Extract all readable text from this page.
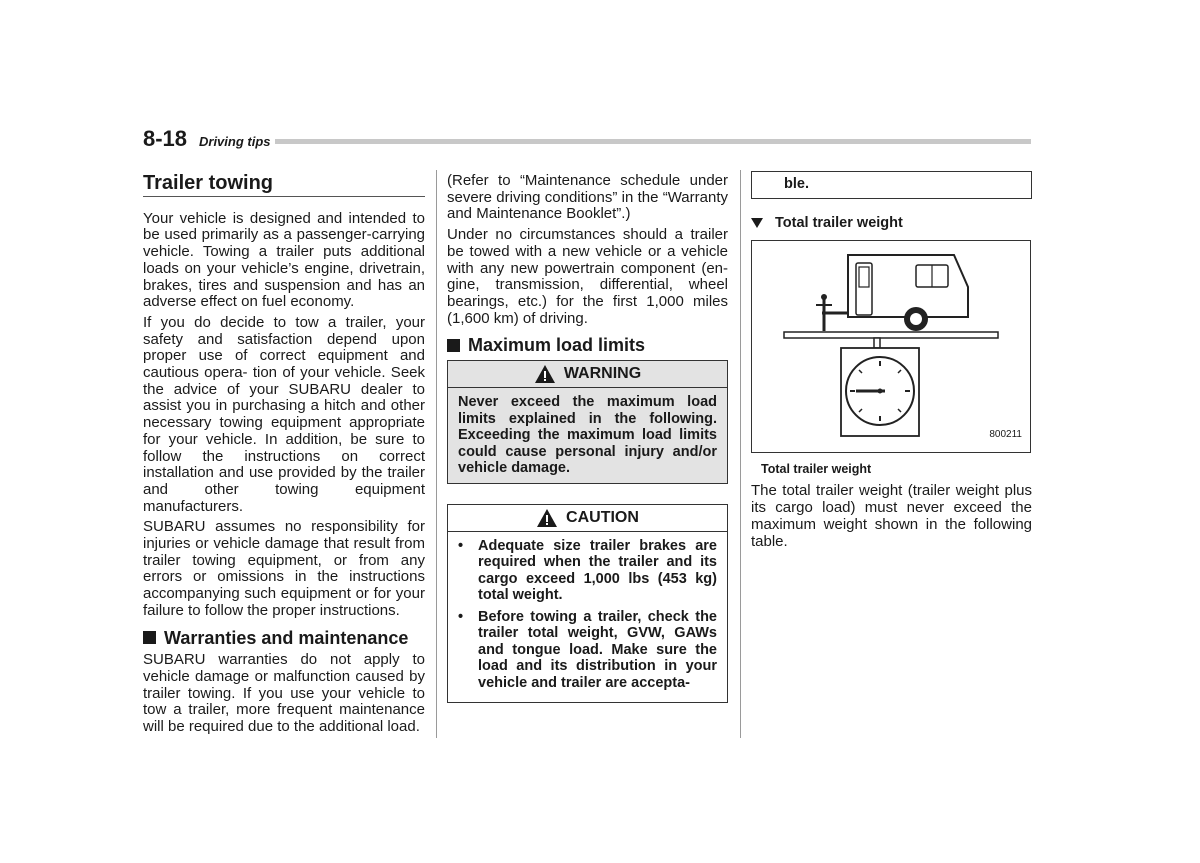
8-18 Driving tips
Trailer towing

Your vehicle is designed and intended to be used primarily as a passenger-carrying vehicle. Towing a trailer puts additional loads on your vehicle’s engine, drivetrain, brakes, tires and suspension and has an adverse effect on fuel economy.

If you do decide to tow a trailer, your safety and satisfaction depend upon proper use of correct equipment and cautious opera- tion of your vehicle. Seek the advice of your SUBARU dealer to assist you in purchasing a hitch and other necessary towing equipment appropriate for your vehicle. In addition, be sure to follow the instructions on correct installation and use provided by the trailer and other towing equipment manufacturers.

SUBARU assumes no responsibility for injuries or vehicle damage that result from trailer towing equipment, or from any errors or omissions in the instructions accompanying such equipment or for your failure to follow the proper instructions.

Warranties and maintenance

SUBARU warranties do not apply to vehicle damage or malfunction caused by trailer towing. If you use your vehicle to tow a trailer, more frequent maintenance will be required due to the additional load.

(Refer to “Maintenance schedule under severe driving conditions” in the “Warranty and Maintenance Booklet”.)

Under no circumstances should a trailer be towed with a new vehicle or a vehicle with any new powertrain component (en- gine, transmission, differential, wheel bearings, etc.) for the first 1,000 miles (1,600 km) of driving.

Maximum load limits
WARNING
Never exceed the maximum load limits explained in the following. Exceeding the maximum load limits could cause personal injury and/or vehicle damage.
CAUTION
•	Adequate size trailer brakes are required when the trailer and its cargo exceed 1,000 lbs (453 kg) total weight.
•	Before towing a trailer, check the trailer total weight, GVW, GAWs and tongue load. Make sure the load and its distribution in your vehicle and trailer are accepta-
ble.
Total trailer weight
800211
Total trailer weight

The total trailer weight (trailer weight plus its cargo load) must never exceed the maximum weight shown in the following table.
